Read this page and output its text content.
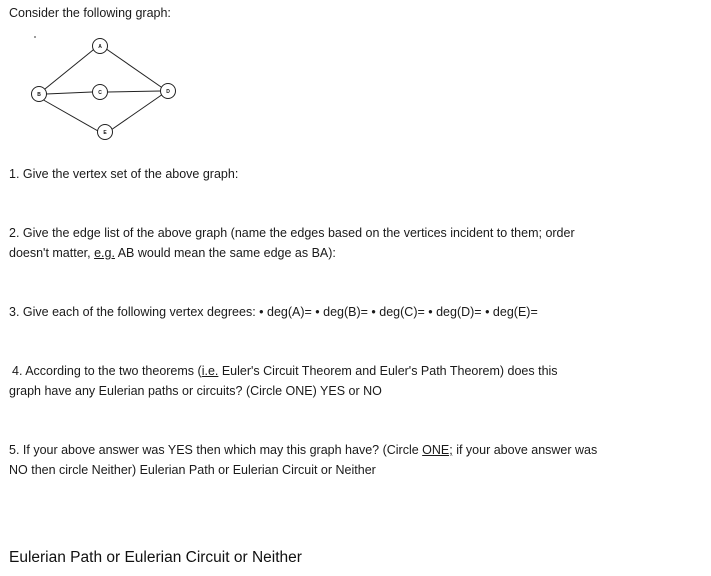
Consider the following graph:
A
B	C	D
E
1. Give the vertex set of the above graph:
2. Give the edge list of the above graph (name the edges based on the vertices incident to them; order
doesn't matter, e.g. AB would mean the same edge as BA):
3. Give each of the following vertex degrees: • deg(A)= • deg(B)= • deg(C)= • deg(D)= • deg(E)=
4. According to the two theorems (i.e. Euler's Circuit Theorem and Euler's Path Theorem) does this

graph have any Eulerian paths or circuits? (Circle ONE) YES or NO
5. If your above answer was YES then which may this graph have? (Circle ONE; if your above answer was
NO then circle Neither) Eulerian Path or Eulerian Circuit or Neither
Eulerian Path or Eulerian Circuit or Neither
